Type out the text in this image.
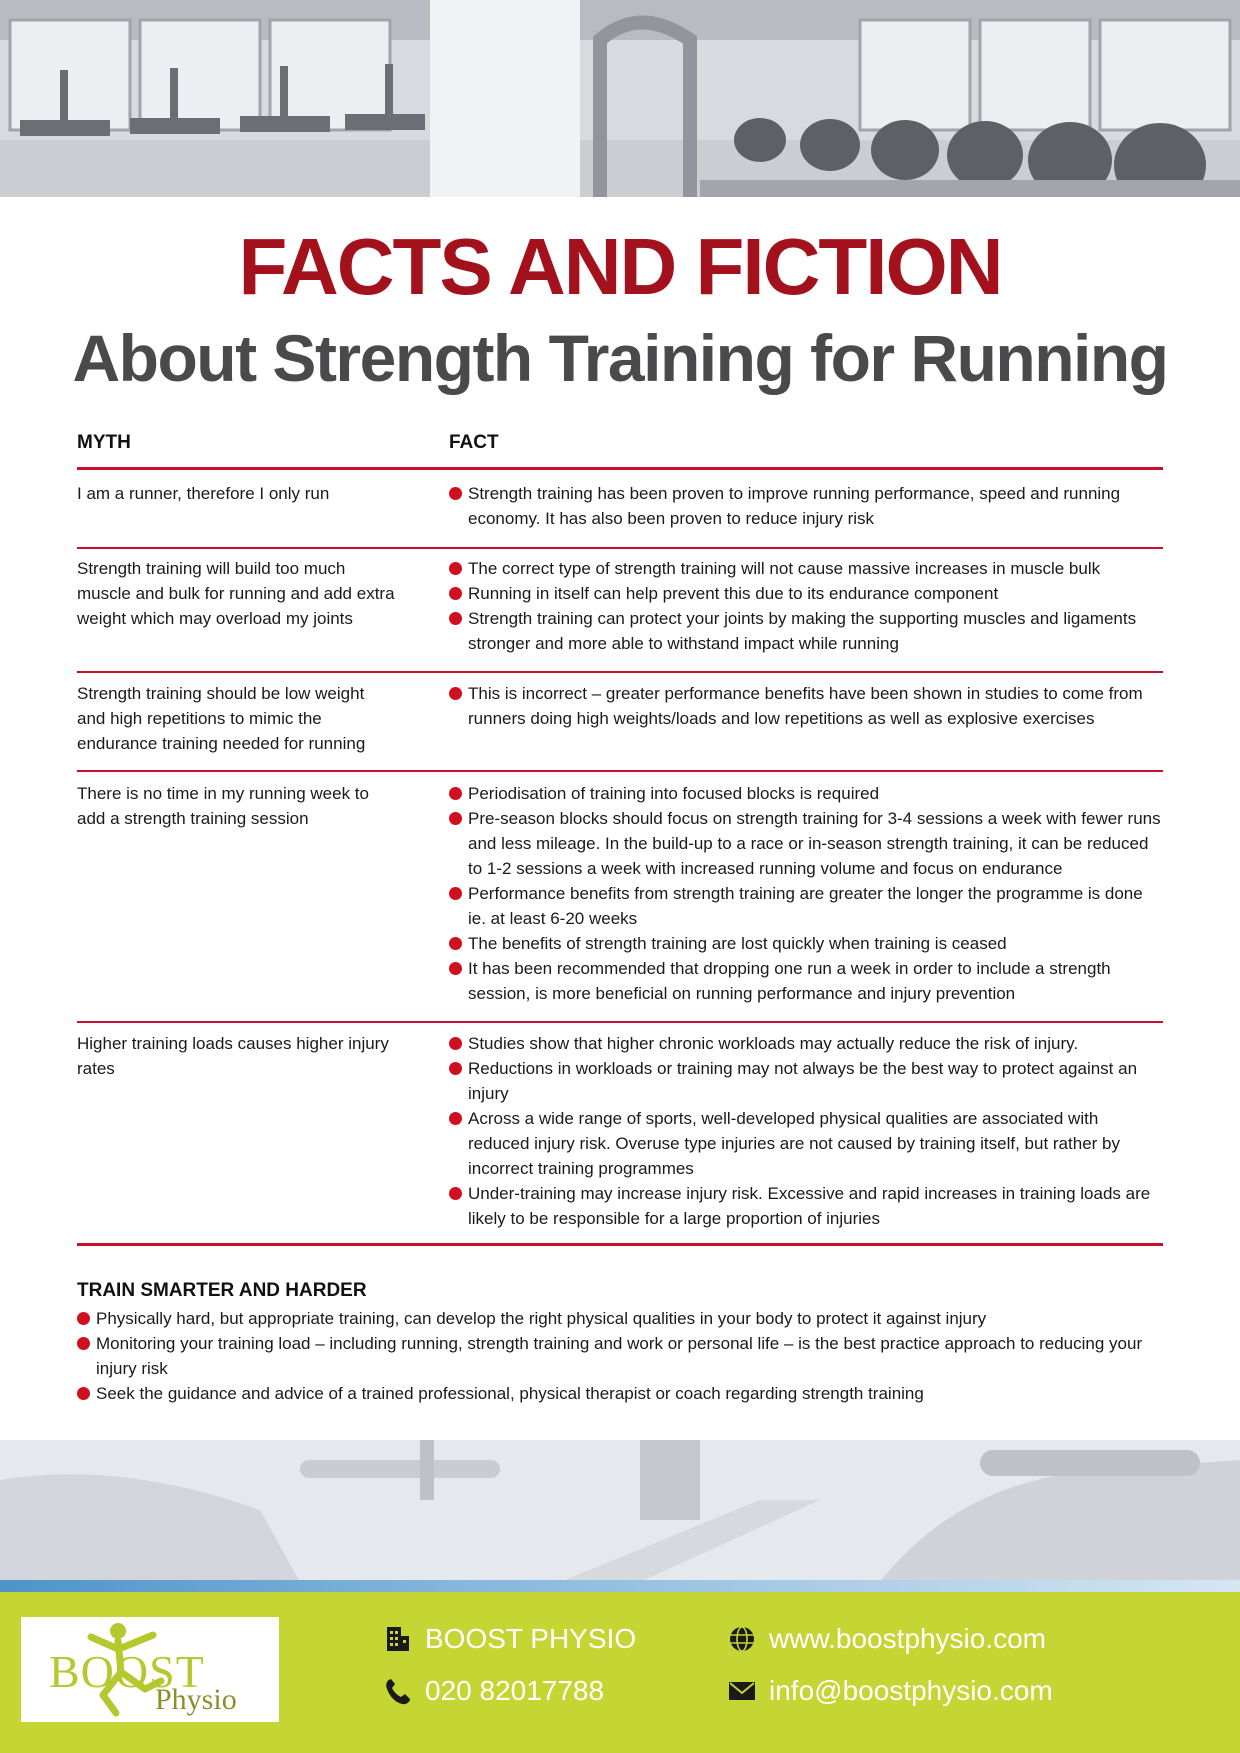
FACTS AND FICTION
About Strength Training for Running
MYTH	FACT
I am a runner, therefore I only run	Strength training has been proven to improve running performance, speed and running economy. It has also been proven to reduce injury risk
Strength training will build too much muscle and bulk for running and add extra weight which may overload my joints
The correct type of strength training will not cause massive increases in muscle bulk
Running in itself can help prevent this due to its endurance component
Strength training can protect your joints by making the supporting muscles and ligaments stronger and more able to withstand impact while running
Strength training should be low weight and high repetitions to mimic the endurance training needed for running
This is incorrect – greater performance benefits have been shown in studies to come from runners doing high weights/loads and low repetitions as well as explosive exercises
There is no time in my running week to add a strength training session
Periodisation of training into focused blocks is required
Pre-season blocks should focus on strength training for 3-4 sessions a week with fewer runs and less mileage. In the build-up to a race or in-season strength training, it can be reduced to 1-2 sessions a week with increased running volume and focus on endurance
Performance benefits from strength training are greater the longer the programme is done ie. at least 6-20 weeks
The benefits of strength training are lost quickly when training is ceased
It has been recommended that dropping one run a week in order to include a strength session, is more beneficial on running performance and injury prevention
Higher training loads causes higher injury rates
Studies show that higher chronic workloads may actually reduce the risk of injury.
Reductions in workloads or training may not always be the best way to protect against an injury
Across a wide range of sports, well-developed physical qualities are associated with reduced injury risk. Overuse type injuries are not caused by training itself, but rather by incorrect training programmes
Under-training may increase injury risk. Excessive and rapid increases in training loads are likely to be responsible for a large proportion of injuries
TRAIN SMARTER AND HARDER
Physically hard, but appropriate training, can develop the right physical qualities in your body to protect it against injury
Monitoring your training load – including running, strength training and work or personal life – is the best practice approach to reducing your injury risk
Seek the guidance and advice of a trained professional, physical therapist or coach regarding strength training
BOOST
Physio
BOOST PHYSIO
020 82017788
www.boostphysio.com
info@boostphysio.com
